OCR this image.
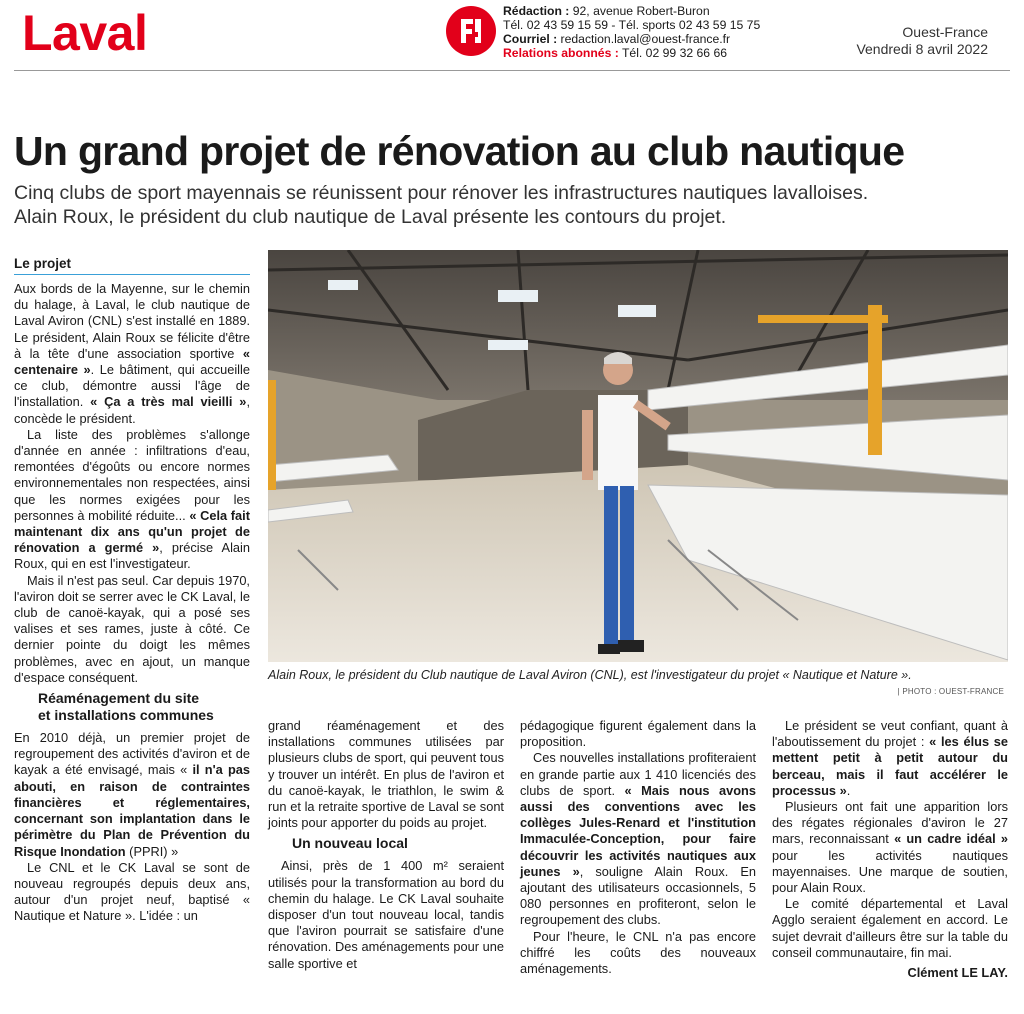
Laval	Rédaction : 92, avenue Robert-Buron
Tél. 02 43 59 15 59 - Tél. sports 02 43 59 15 75
Courriel : redaction.laval@ouest-france.fr
Relations abonnés : Tél. 02 99 32 66 66
Ouest-France
Vendredi 8 avril 2022
Un grand projet de rénovation au club nautique

Cinq clubs de sport mayennais se réunissent pour rénover les infrastructures nautiques lavalloises.

Alain Roux, le président du club nautique de Laval présente les contours du projet.

Le projet

Aux bords de la Mayenne, sur le chemin du halage, à Laval, le club nautique de Laval Aviron (CNL) s'est installé en 1889. Le président, Alain Roux se félicite d'être à la tête d'une association sportive « centenaire ». Le bâtiment, qui accueille ce club, démontre aussi l'âge de l'installation. « Ça a très mal vieilli », concède le président.

La liste des problèmes s'allonge d'année en année : infiltrations d'eau, remontées d'égoûts ou encore normes environnementales non respectées, ainsi que les normes exigées pour les personnes à mobilité réduite... « Cela fait maintenant dix ans qu'un projet de rénovation a germé », précise Alain Roux, qui en est l'investigateur.

Mais il n'est pas seul. Car depuis 1970, l'aviron doit se serrer avec le CK Laval, le club de canoë-kayak, qui a posé ses valises et ses rames, juste à côté. Ce dernier pointe du doigt les mêmes problèmes, avec en ajout, un manque d'espace conséquent.

Réaménagement du site
et installations communes

En 2010 déjà, un premier projet de regroupement des activités d'aviron et de kayak a été envisagé, mais « il n'a pas abouti, en raison de contraintes financières et réglementaires, concernant son implantation dans le périmètre du Plan de Prévention du Risque Inondation (PPRI) »

Le CNL et le CK Laval se sont de nouveau regroupés depuis deux ans, autour d'un projet neuf, baptisé « Nautique et Nature ». L'idée : un

Alain Roux, le président du Club nautique de Laval Aviron (CNL), est l'investigateur du projet « Nautique et Nature ».
| PHOTO : OUEST-FRANCE

grand réaménagement et des installations communes utilisées par plusieurs clubs de sport, qui peuvent tous y trouver un intérêt. En plus de l'aviron et du canoë-kayak, le triathlon, le swim & run et la retraite sportive de Laval se sont joints pour apporter du poids au projet.

Un nouveau local

Ainsi, près de 1 400 m² seraient utilisés pour la transformation au bord du chemin du halage. Le CK Laval souhaite disposer d'un tout nouveau local, tandis que l'aviron pourrait se satisfaire d'une rénovation. Des aménagements pour une salle sportive et

pédagogique figurent également dans la proposition.

Ces nouvelles installations profiteraient en grande partie aux 1 410 licenciés des clubs de sport. « Mais nous avons aussi des conventions avec les collèges Jules-Renard et l'institution Immaculée-Conception, pour faire découvrir les activités nautiques aux jeunes », souligne Alain Roux. En ajoutant des utilisateurs occasionnels, 5 080 personnes en profiteront, selon le regroupement des clubs.

Pour l'heure, le CNL n'a pas encore chiffré les coûts des nouveaux aménagements.

Le président se veut confiant, quant à l'aboutissement du projet : « les élus se mettent petit à petit autour du berceau, mais il faut accélérer le processus ».

Plusieurs ont fait une apparition lors des régates régionales d'aviron le 27 mars, reconnaissant « un cadre idéal » pour les activités nautiques mayennaises. Une marque de soutien, pour Alain Roux.

Le comité départemental et Laval Agglo seraient également en accord. Le sujet devrait d'ailleurs être sur la table du conseil communautaire, fin mai.

Clément LE LAY.
